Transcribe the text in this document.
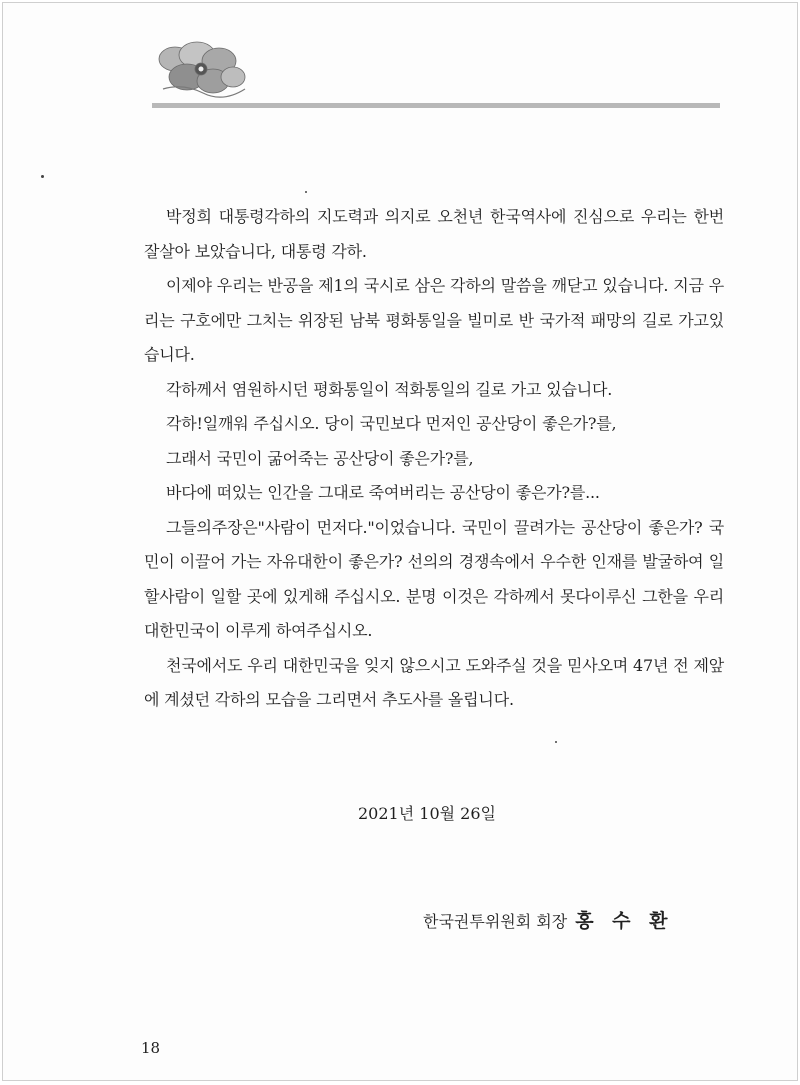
박정희 대통령각하의 지도력과 의지로 오천년 한국역사에 진심으로 우리는 한번 잘살아 보았습니다, 대통령 각하.

이제야 우리는 반공을 제1의 국시로 삼은 각하의 말씀을 깨닫고 있습니다. 지금 우리는 구호에만 그치는 위장된 남북 평화통일을 빌미로 반 국가적 패망의 길로 가고있습니다.

각하께서 염원하시던 평화통일이 적화통일의 길로 가고 있습니다.

각하!일깨워 주십시오. 당이 국민보다 먼저인 공산당이 좋은가?를,

그래서 국민이 굶어죽는 공산당이 좋은가?를,

바다에 떠있는 인간을 그대로 죽여버리는 공산당이 좋은가?를...

그들의주장은"사람이 먼저다."이었습니다. 국민이 끌려가는 공산당이 좋은가? 국민이 이끌어 가는 자유대한이 좋은가? 선의의 경쟁속에서 우수한 인재를 발굴하여 일할사람이 일할 곳에 있게해 주십시오. 분명 이것은 각하께서 못다이루신 그한을 우리 대한민국이 이루게 하여주십시오.

천국에서도 우리 대한민국을 잊지 않으시고 도와주실 것을 믿사오며 47년 전 제앞에 계셨던 각하의 모습을 그리면서 추도사를 올립니다.

2021년 10월 26일
한국권투위원회 회장 홍 수 환
18
